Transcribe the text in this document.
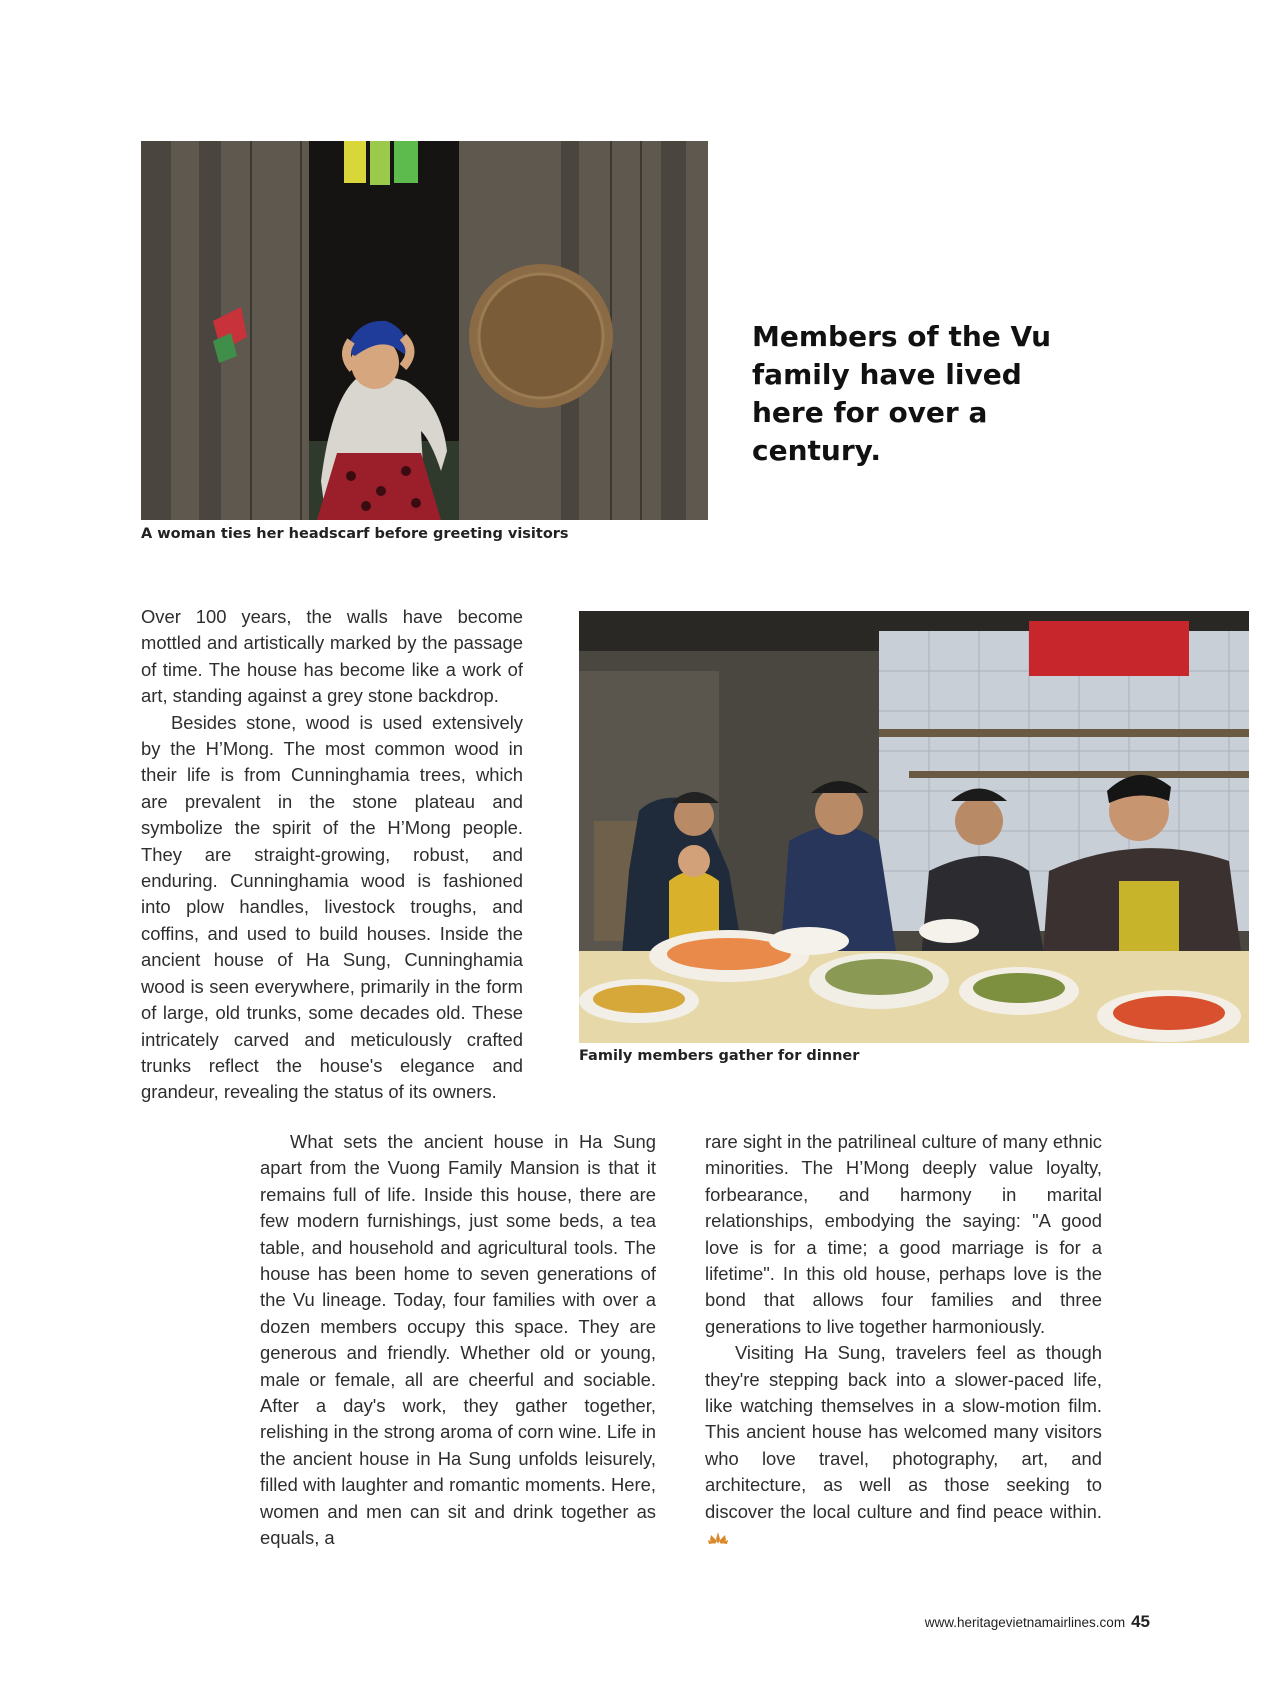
A woman ties her headscarf before greeting visitors
Members of the Vu family have lived here for over a century.
Family members gather for dinner

Over 100 years, the walls have become mottled and artistically marked by the passage of time. The house has become like a work of art, standing against a grey stone backdrop.

Besides stone, wood is used extensively by the H’Mong. The most common wood in their life is from Cunninghamia trees, which are prevalent in the stone plateau and symbolize the spirit of the H’Mong people. They are straight-growing, robust, and enduring. Cunninghamia wood is fashioned into plow handles, livestock troughs, and coffins, and used to build houses. Inside the ancient house of Ha Sung, Cunninghamia wood is seen everywhere, primarily in the form of large, old trunks, some decades old. These intricately carved and meticulously crafted trunks reflect the house's elegance and grandeur, revealing the status of its owners.

What sets the ancient house in Ha Sung apart from the Vuong Family Mansion is that it remains full of life. Inside this house, there are few modern furnishings, just some beds, a tea table, and household and agricultural tools. The house has been home to seven generations of the Vu lineage. Today, four families with over a dozen members occupy this space. They are generous and friendly. Whether old or young, male or female, all are cheerful and sociable. After a day's work, they gather together, relishing in the strong aroma of corn wine. Life in the ancient house in Ha Sung unfolds leisurely, filled with laughter and romantic moments. Here, women and men can sit and drink together as equals, a

rare sight in the patrilineal culture of many ethnic minorities. The H’Mong deeply value loyalty, forbearance, and harmony in marital relationships, embodying the saying: "A good love is for a time; a good marriage is for a lifetime". In this old house, perhaps love is the bond that allows four families and three generations to live together harmoniously.

Visiting Ha Sung, travelers feel as though they're stepping back into a slower-paced life, like watching themselves in a slow-motion film. This ancient house has welcomed many visitors who love travel, photography, art, and architecture, as well as those seeking to discover the local culture and find peace within.

www.heritagevietnamairlines.com 45
